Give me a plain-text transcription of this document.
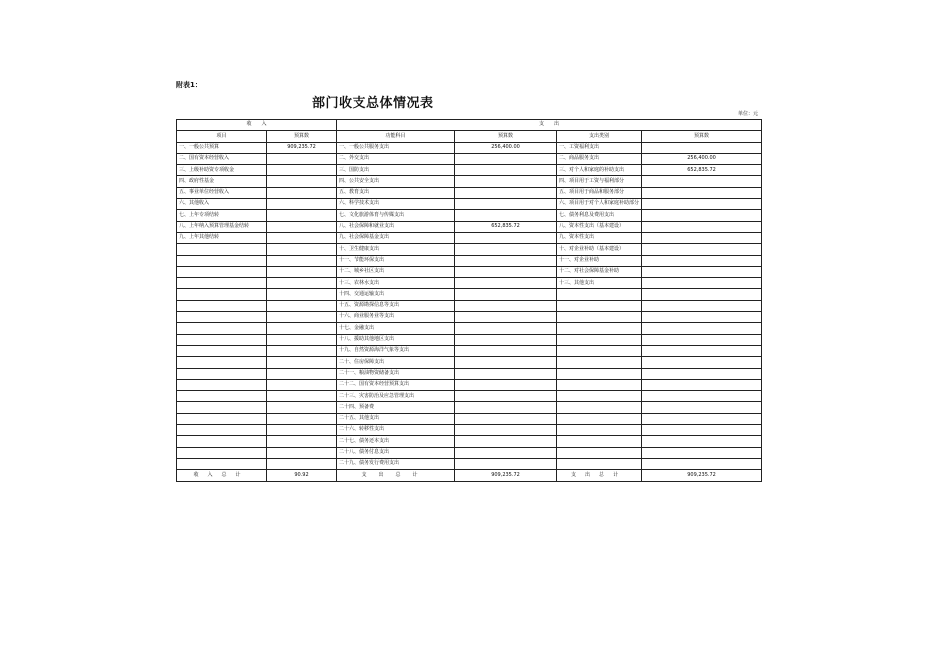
附表1：
部门收支总体情况表
单位：元
收　　入		支　　出			
项目	预算数	功能科目	预算数	支出类别	预算数
一、一般公共预算	909,235.72	一、一般公共服务支出	256,400.00	一、工资福利支出	
二、国有资本经营收入		二、外交支出		二、商品服务支出	256,400.00
三、上级补助资专项收金		三、国防支出		三、对个人和家庭的补助支出	652,835.72
四、政府性基金		四、公共安全支出		四、项目用于工资与福利部分	
五、事业单位经营收入		五、教育支出		五、项目用于商品和服务部分	
六、其他收入		六、科学技术支出		六、项目用于对个人和家庭补助部分	
七、上年专项结转		七、文化旅游体育与传媒支出		七、债务利息及费用支出	
八、上年纳入预算管理基金结转		八、社会保障和就业支出	652,835.72	八、资本性支出（基本建设）	
九、上年其他结转		九、社会保障基金支出		九、资本性支出	
		十、卫生健康支出		十、对企业补助（基本建设）	
		十一、节能环保支出		十一、对企业补助	
		十二、城乡社区支出		十二、对社会保障基金补助	
		十三、农林水支出		十三、其他支出	
		十四、交通运输支出			
		十五、资源勘探信息等支出			
		十六、商业服务业等支出			
		十七、金融支出			
		十八、援助其他地区支出			
		十九、自然资源海洋气象等支出			
		二十、住房保障支出			
		二十一、粮油物资储备支出			
		二十二、国有资本经营预算支出			
		二十三、灾害防治及应急管理支出			
		二十四、预备费			
		二十五、其他支出			
		二十六、转移性支出			
		二十七、债务还本支出			
		二十八、债务付息支出			
		二十九、债务发行费用支出			
收入总计	90.92	支出总计	909,235.72	支出总计	909,235.72
